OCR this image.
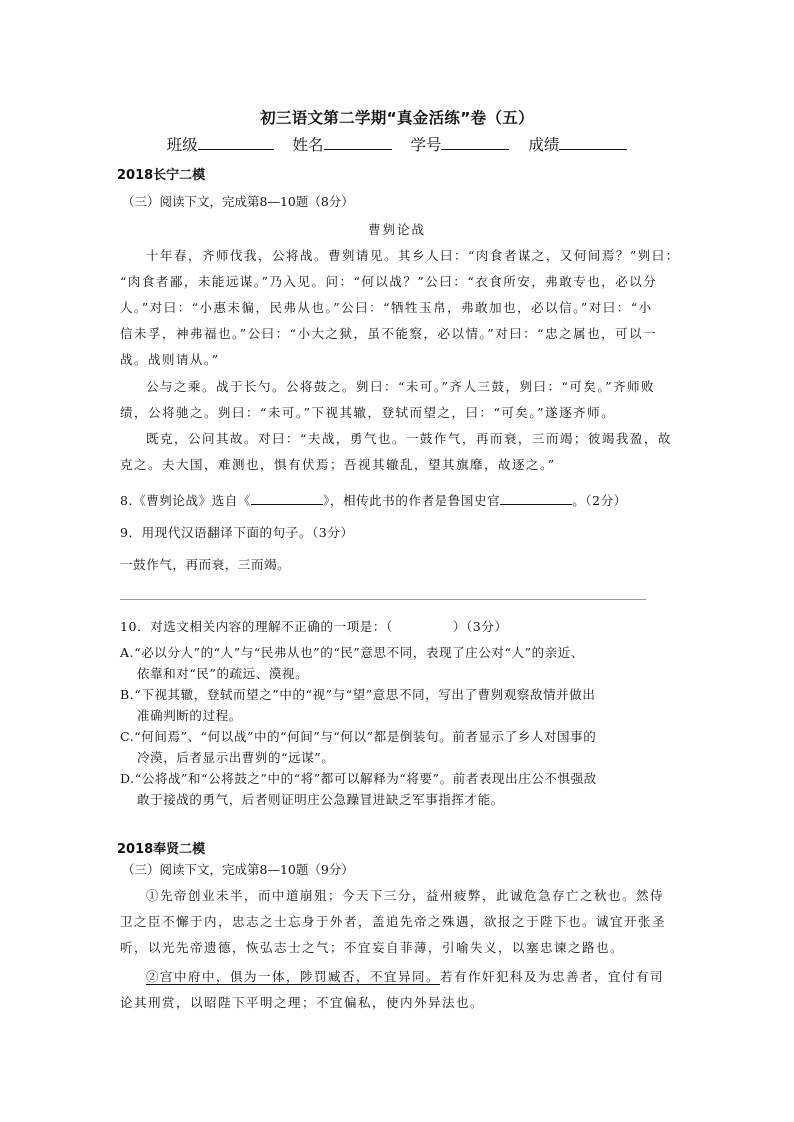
初三语文第二学期“真金活练”卷（五）
班级	姓名	学号	成绩
2018长宁二模
（三）阅读下文，完成第8—10题（8分）
曹刿论战
十年春，齐师伐我，公将战。曹刿请见。其乡人曰：“肉食者谋之，又何间焉？”刿曰：
“肉食者鄙，未能远谋。”乃入见。问：“何以战？”公曰：“衣食所安，弗敢专也，必以分
人。”对曰：“小惠未徧，民弗从也。”公曰：“牺牲玉帛，弗敢加也，必以信。”对曰：“小
信未孚，神弗福也。”公曰：“小大之狱，虽不能察，必以情。”对曰：“忠之属也，可以一
战。战则请从。”
公与之乘。战于长勺。公将鼓之。刿曰：“未可。”齐人三鼓，刿曰：“可矣。”齐师败
绩，公将驰之。刿曰：“未可。”下视其辙，登轼而望之，曰：“可矣。”遂逐齐师。
既克，公问其故。对曰：“夫战，勇气也。一鼓作气，再而衰，三而竭；彼竭我盈，故
克之。夫大国，难测也，惧有伏焉；吾视其辙乱，望其旗靡，故逐之。”
8.《曹刿论战》选自《	》，相传此书的作者是鲁国史官	。（2分）
9．用现代汉语翻译下面的句子。（3分）
一鼓作气，再而衰，三而竭。
10．对选文相关内容的理解不正确的一项是：（	）（3分）
A.“必以分人”的“人”与“民弗从也”的“民”意思不同，表现了庄公对“人”的亲近、
依靠和对“民”的疏远、漠视。
B.“下视其辙，登轼而望之”中的“视”与“望”意思不同，写出了曹刿观察敌情并做出
准确判断的过程。
C.“何间焉”、“何以战”中的“何间”与“何以”都是倒装句。前者显示了乡人对国事的
冷漠，后者显示出曹刿的“远谋”。
D.“公将战”和“公将鼓之”中的“将”都可以解释为“将要”。前者表现出庄公不惧强敌
敢于接战的勇气，后者则证明庄公急躁冒进缺乏军事指挥才能。
2018奉贤二模
（三）阅读下文，完成第8—10题（9分）
①先帝创业未半，而中道崩殂；今天下三分，益州疲弊，此诚危急存亡之秋也。然侍
卫之臣不懈于内，忠志之士忘身于外者，盖追先帝之殊遇，欲报之于陛下也。诚宜开张圣
听，以光先帝遗德，恢弘志士之气；不宜妄自菲薄，引喻失义，以塞忠谏之路也。
②宫中府中，俱为一体，陟罚臧否，不宜异同。若有作奸犯科及为忠善者，宜付有司
论其刑赏，以昭陛下平明之理；不宜偏私，使内外异法也。
